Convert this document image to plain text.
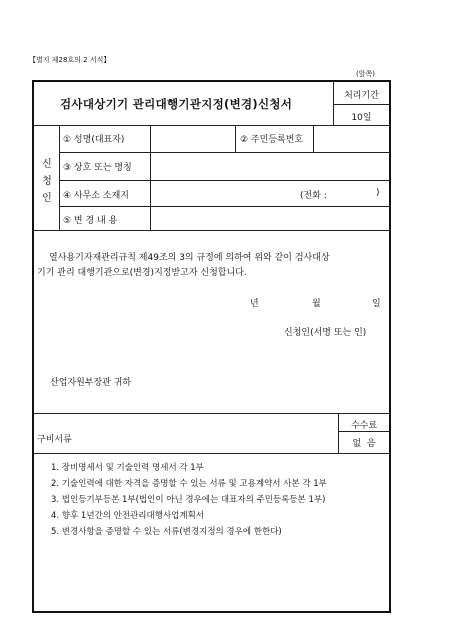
【별지 제28호의 2 서식】
(앞쪽)
검사대상기기 관리대행기관지정(변경)신청서
처리기간
10일
신
청
인
① 성명(대표자)	② 주민등록번호
③ 상호 또는 명칭
④ 사무소 소재지	(전화 :	)
⑤ 변 경 내 용
열사용기자재관리규칙 제49조의 3의 규정에 의하여 위와 같이 검사대상
기기 관리 대행기관으로(변경)지정받고자 신청합니다.
년	월	일
신청인(서명 또는 인)
산업자원부장관 귀하
수수료
없  음
구비서류
1. 장비명세서 및 기술인력 명세서 각 1부
2. 기술인력에 대한 자격을 증명할 수 있는 서류 및 고용계약서 사본 각 1부
3. 법인등기부등본 1부(법인이 아닌 경우에는 대표자의 주민등록등본 1부)
4. 향후 1년간의 안전관리대행사업계획서
5. 변경사항을 증명할 수 있는 서류(변경지정의 경우에 한한다)
